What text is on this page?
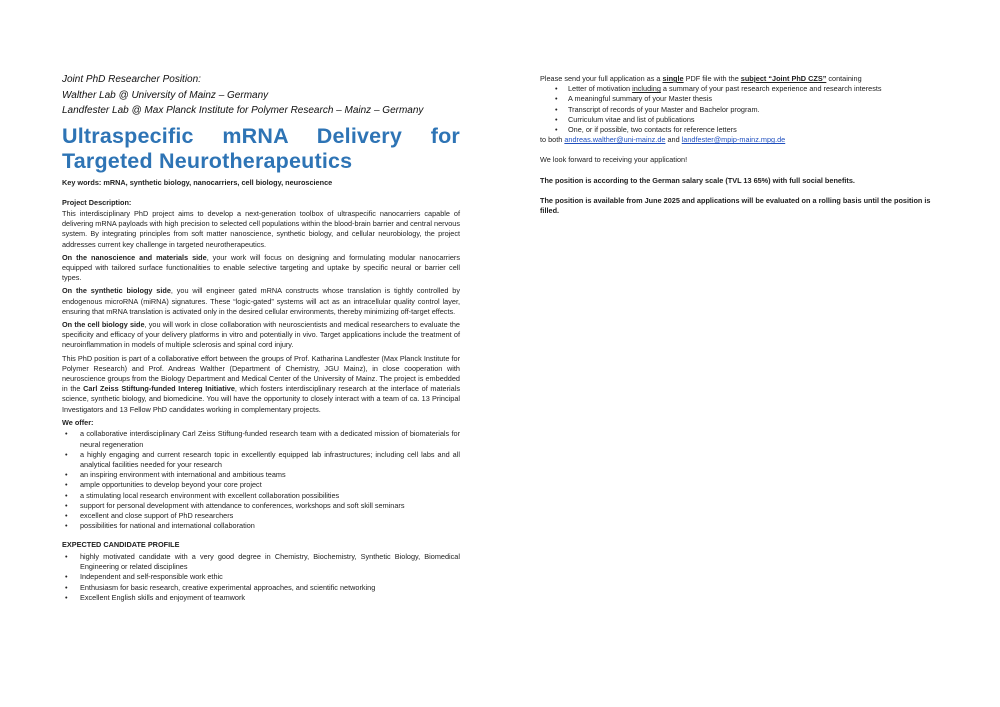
Joint PhD Researcher Position:
Walther Lab @ University of Mainz – Germany
Landfester Lab @ Max Planck Institute for Polymer Research – Mainz – Germany
Ultraspecific mRNA Delivery for Targeted Neurotherapeutics
Key words: mRNA, synthetic biology, nanocarriers, cell biology, neuroscience
Project Description:

This interdisciplinary PhD project aims to develop a next-generation toolbox of ultraspecific nanocarriers capable of delivering mRNA payloads with high precision to selected cell populations within the blood-brain barrier and central nervous system. By integrating principles from soft matter nanoscience, synthetic biology, and cellular neurobiology, the project addresses current key challenge in targeted neurotherapeutics.

On the nanoscience and materials side, your work will focus on designing and formulating modular nanocarriers equipped with tailored surface functionalities to enable selective targeting and uptake by specific neural or barrier cell types.

On the synthetic biology side, you will engineer gated mRNA constructs whose translation is tightly controlled by endogenous microRNA (miRNA) signatures. These “logic-gated” systems will act as an intracellular quality control layer, ensuring that mRNA translation is activated only in the desired cellular environments, thereby minimizing off-target effects.

On the cell biology side, you will work in close collaboration with neuroscientists and medical researchers to evaluate the specificity and efficacy of your delivery platforms in vitro and potentially in vivo. Target applications include the treatment of neuroinflammation in models of multiple sclerosis and spinal cord injury.

This PhD position is part of a collaborative effort between the groups of Prof. Katharina Landfester (Max Planck Institute for Polymer Research) and Prof. Andreas Walther (Department of Chemistry, JGU Mainz), in close cooperation with neuroscience groups from the Biology Department and Medical Center of the University of Mainz. The project is embedded in the Carl Zeiss Stiftung-funded Intereg Initiative, which fosters interdisciplinary research at the interface of materials science, synthetic biology, and biomedicine. You will have the opportunity to closely interact with a team of ca. 13 Principal Investigators and 13 Fellow PhD candidates working in complementary projects.

We offer:
• a collaborative interdisciplinary Carl Zeiss Stiftung-funded research team with a dedicated mission of biomaterials for neural regeneration
• a highly engaging and current research topic in excellently equipped lab infrastructures; including cell labs and all analytical facilities needed for your research
• an inspiring environment with international and ambitious teams
• ample opportunities to develop beyond your core project
• a stimulating local research environment with excellent collaboration possibilities
• support for personal development with attendance to conferences, workshops and soft skill seminars
• excellent and close support of PhD researchers
• possibilities for national and international collaboration
EXPECTED CANDIDATE PROFILE
• highly motivated candidate with a very good degree in Chemistry, Biochemistry, Synthetic Biology, Biomedical Engineering or related disciplines
• Independent and self-responsible work ethic
• Enthusiasm for basic research, creative experimental approaches, and scientific networking
• Excellent English skills and enjoyment of teamwork

Please send your full application as a single PDF file with the subject “Joint PhD CZS” containing

• Letter of motivation including a summary of your past research experience and research interests
• A meaningful summary of your Master thesis
• Transcript of records of your Master and Bachelor program.
• Curriculum vitae and list of publications
• One, or if possible, two contacts for reference letters

to both andreas.walther@uni-mainz.de and landfester@mpip-mainz.mpg.de

We look forward to receiving your application!

The position is according to the German salary scale (TVL 13 65%) with full social benefits.

The position is available from June 2025 and applications will be evaluated on a rolling basis until the position is filled.
